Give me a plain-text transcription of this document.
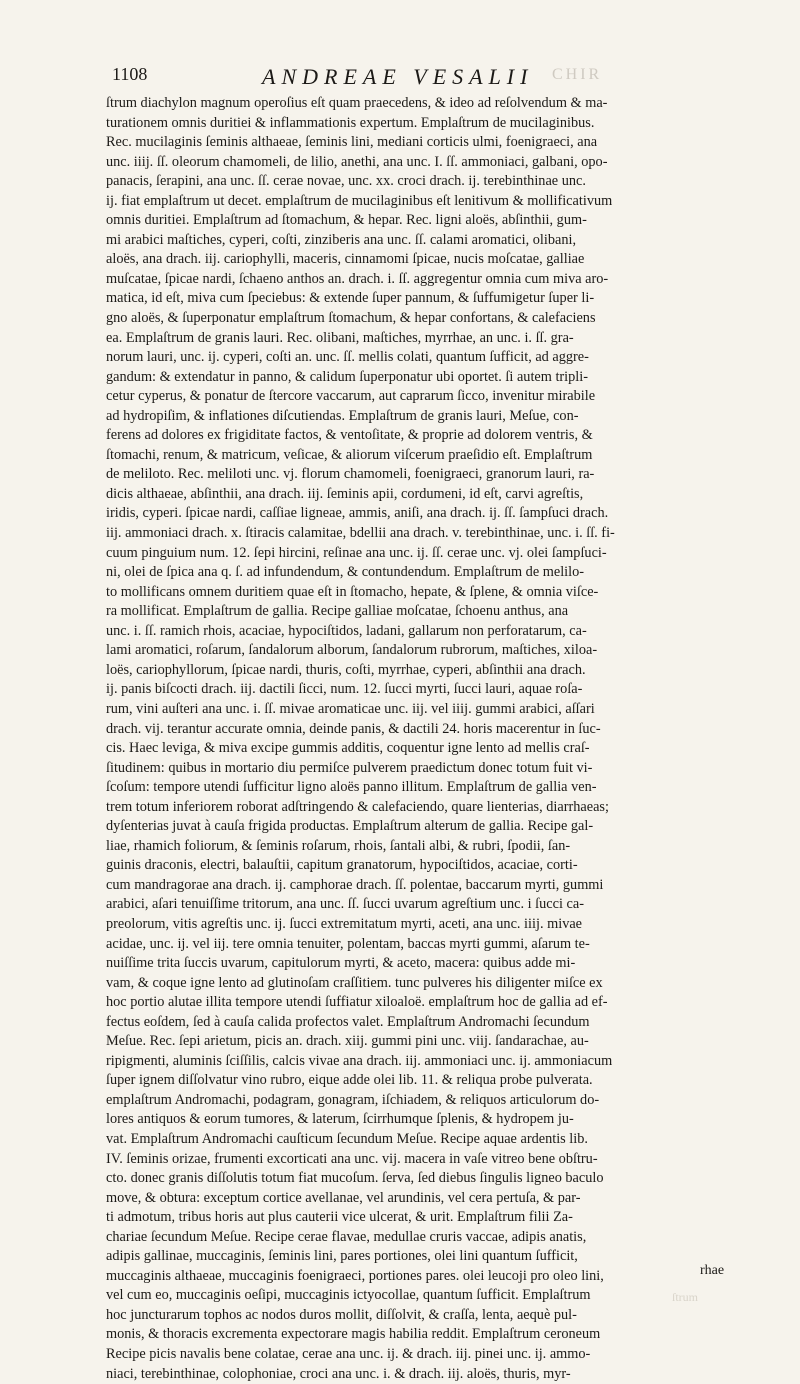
1108	ANDREAE VESALII CHIR
ſtrum diachylon magnum operoſius eſt quam praecedens, & ideo ad reſolvendum & ma-
turationem omnis duritiei & inflammationis expertum. Emplaſtrum de mucilaginibus.
Rec. mucilaginis ſeminis althaeae, ſeminis lini, mediani corticis ulmi, foenigraeci, ana
unc. iiij. ſſ. oleorum chamomeli, de lilio, anethi, ana unc. I. ſſ. ammoniaci, galbani, opo-
panacis, ſerapini, ana unc. ſſ. cerae novae, unc. xx. croci drach. ij. terebinthinae unc.
ij. fiat emplaſtrum ut decet. emplaſtrum de mucilaginibus eſt lenitivum & mollificativum
omnis duritiei. Emplaſtrum ad ſtomachum, & hepar. Rec. ligni aloës, abſinthii, gum-
mi arabici maſtiches, cyperi, coſti, zinziberis ana unc. ſſ. calami aromatici, olibani,
aloës, ana drach. iij. cariophylli, maceris, cinnamomi ſpicae, nucis moſcatae, galliae
muſcatae, ſpicae nardi, ſchaeno anthos an. drach. i. ſſ. aggregentur omnia cum miva aro-
matica, id eſt, miva cum ſpeciebus: & extende ſuper pannum, & ſuffumigetur ſuper li-
gno aloës, & ſuperponatur emplaſtrum ſtomachum, & hepar confortans, & calefaciens
ea. Emplaſtrum de granis lauri. Rec. olibani, maſtiches, myrrhae, an unc. i. ſſ. gra-
norum lauri, unc. ij. cyperi, coſti an. unc. ſſ. mellis colati, quantum ſufficit, ad aggre-
gandum: & extendatur in panno, & calidum ſuperponatur ubi oportet. ſi autem tripli-
cetur cyperus, & ponatur de ſtercore vaccarum, aut caprarum ſicco, invenitur mirabile
ad hydropiſim, & inflationes diſcutiendas. Emplaſtrum de granis lauri, Meſue, con-
ferens ad dolores ex frigiditate factos, & ventoſitate, & proprie ad dolorem ventris, &
ſtomachi, renum, & matricum, veſicae, & aliorum viſcerum praeſidio eſt. Emplaſtrum
de meliloto. Rec. meliloti unc. vj. florum chamomeli, foenigraeci, granorum lauri, ra-
dicis althaeae, abſinthii, ana drach. iij. ſeminis apii, cordumeni, id eſt, carvi agreſtis,
iridis, cyperi. ſpicae nardi, caſſiae ligneae, ammis, aniſi, ana drach. ij. ſſ. ſampſuci drach.
iij. ammoniaci drach. x. ſtiracis calamitae, bdellii ana drach. v. terebinthinae, unc. i. ſſ. fi-
cuum pinguium num. 12. ſepi hircini, reſinae ana unc. ij. ſſ. cerae unc. vj. olei ſampſuci-
ni, olei de ſpica ana q. ſ. ad infundendum, & contundendum. Emplaſtrum de melilo-
to mollificans omnem duritiem quae eſt in ſtomacho, hepate, & ſplene, & omnia viſce-
ra mollificat. Emplaſtrum de gallia. Recipe galliae moſcatae, ſchoenu anthus, ana
unc. i. ſſ. ramich rhois, acaciae, hypociſtidos, ladani, gallarum non perforatarum, ca-
lami aromatici, roſarum, ſandalorum alborum, ſandalorum rubrorum, maſtiches, xiloa-
loës, cariophyllorum, ſpicae nardi, thuris, coſti, myrrhae, cyperi, abſinthii ana drach.
ij. panis biſcocti drach. iij. dactili ſicci, num. 12. ſucci myrti, ſucci lauri, aquae roſa-
rum, vini auſteri ana unc. i. ſſ. mivae aromaticae unc. iij. vel iiij. gummi arabici, aſſari
drach. vij. terantur accurate omnia, deinde panis, & dactili 24. horis macerentur in ſuc-
cis. Haec leviga, & miva excipe gummis additis, coquentur igne lento ad mellis craſ-
ſitudinem: quibus in mortario diu permiſce pulverem praedictum donec totum fuit vi-
ſcoſum: tempore utendi ſufficitur ligno aloës panno illitum. Emplaſtrum de gallia ven-
trem totum inferiorem roborat adſtringendo & calefaciendo, quare lienterias, diarrhaeas;
dyſenterias juvat à cauſa frigida productas. Emplaſtrum alterum de gallia. Recipe gal-
liae, rhamich foliorum, & ſeminis roſarum, rhois, ſantali albi, & rubri, ſpodii, ſan-
guinis draconis, electri, balauſtii, capitum granatorum, hypociſtidos, acaciae, corti-
cum mandragorae ana drach. ij. camphorae drach. ſſ. polentae, baccarum myrti, gummi
arabici, aſari tenuiſſime tritorum, ana unc. ſſ. ſucci uvarum agreſtium unc. i ſucci ca-
preolorum, vitis agreſtis unc. ij. ſucci extremitatum myrti, aceti, ana unc. iiij. mivae
acidae, unc. ij. vel iij. tere omnia tenuiter, polentam, baccas myrti gummi, aſarum te-
nuiſſime trita ſuccis uvarum, capitulorum myrti, & aceto, macera: quibus adde mi-
vam, & coque igne lento ad glutinoſam craſſitiem. tunc pulveres his diligenter miſce ex
hoc portio alutae illita tempore utendi ſuffiatur xiloaloë. emplaſtrum hoc de gallia ad ef-
fectus eoſdem, ſed à cauſa calida profectos valet. Emplaſtrum Andromachi ſecundum
Meſue. Rec. ſepi arietum, picis an. drach. xiij. gummi pini unc. viij. ſandarachae, au-
ripigmenti, aluminis ſciſſilis, calcis vivae ana drach. iij. ammoniaci unc. ij. ammoniacum
ſuper ignem diſſolvatur vino rubro, eique adde olei lib. 11. & reliqua probe pulverata.
emplaſtrum Andromachi, podagram, gonagram, iſchiadem, & reliquos articulorum do-
lores antiquos & eorum tumores, & laterum, ſcirrhumque ſplenis, & hydropem ju-
vat. Emplaſtrum Andromachi cauſticum ſecundum Meſue. Recipe aquae ardentis lib.
IV. ſeminis orizae, frumenti excorticati ana unc. vij. macera in vaſe vitreo bene obſtru-
cto. donec granis diſſolutis totum fiat mucoſum. ſerva, ſed diebus ſingulis ligneo baculo
move, & obtura: exceptum cortice avellanae, vel arundinis, vel cera pertuſa, & par-
ti admotum, tribus horis aut plus cauterii vice ulcerat, & urit. Emplaſtrum filii Za-
chariae ſecundum Meſue. Recipe cerae flavae, medullae cruris vaccae, adipis anatis,
adipis gallinae, muccaginis, ſeminis lini, pares portiones, olei lini quantum ſufficit,
muccaginis althaeae, muccaginis foenigraeci, portiones pares. olei leucoji pro oleo lini,
vel cum eo, muccaginis oeſipi, muccaginis ictyocollae, quantum ſufficit. Emplaſtrum
hoc juncturarum tophos ac nodos duros mollit, diſſolvit, & craſſa, lenta, aequè pul-
monis, & thoracis excrementa expectorare magis habilia reddit. Emplaſtrum ceroneum
Recipe picis navalis bene colatae, cerae ana unc. ij. & drach. iij. pinei unc. ij. ammo-
niaci, terebinthinae, colophoniae, croci ana unc. i. & drach. iij. aloës, thuris, myr-
rhae
ſtrum
